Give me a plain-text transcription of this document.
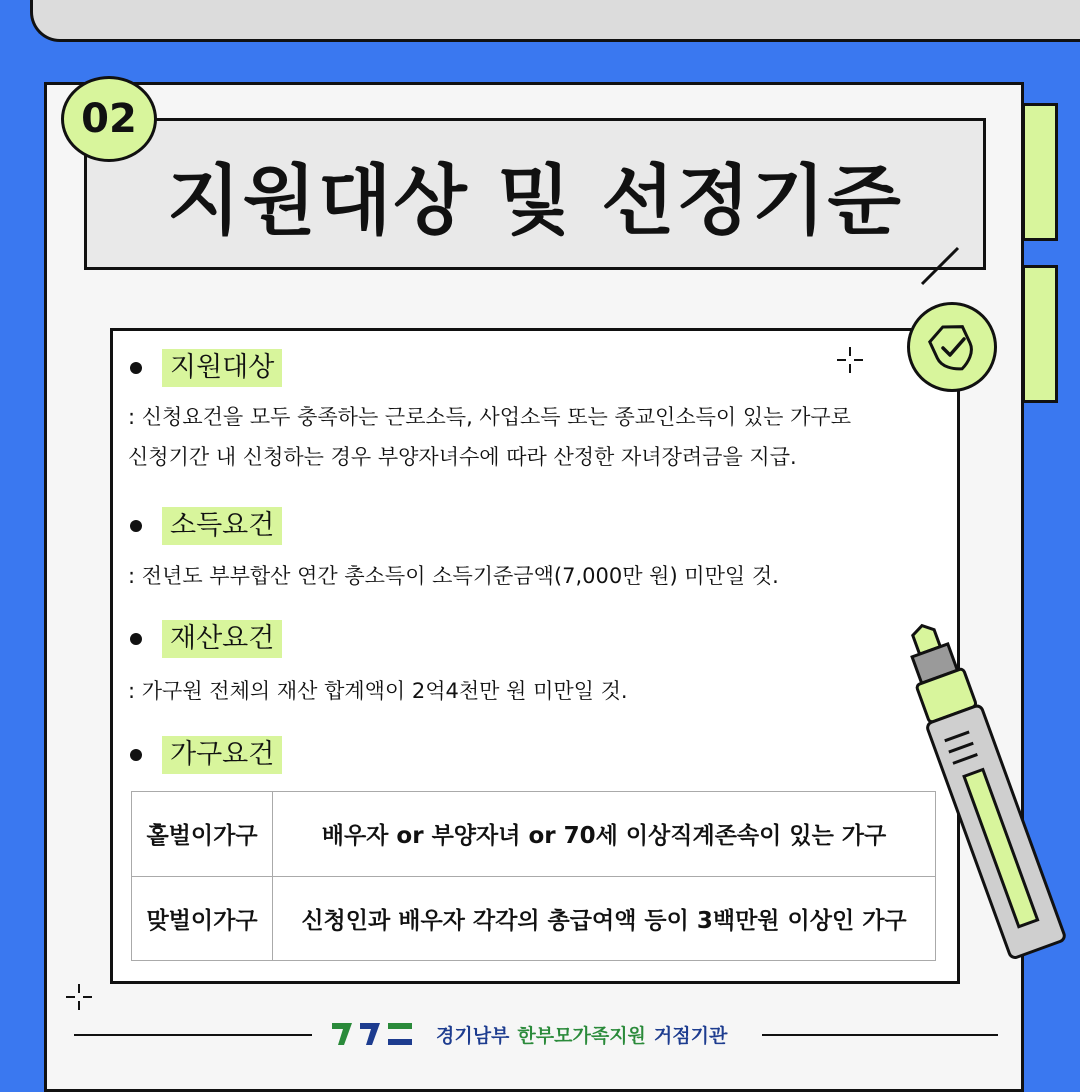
02
지원대상 및 선정기준
지원대상
: 신청요건을 모두 충족하는 근로소득, 사업소득 또는 종교인소득이 있는 가구로
신청기간 내 신청하는 경우 부양자녀수에 따라 산정한 자녀장려금을 지급.
소득요건
: 전년도 부부합산 연간 총소득이 소득기준금액(7,000만 원) 미만일 것.
재산요건
: 가구원 전체의 재산 합계액이 2억4천만 원 미만일 것.
가구요건
홑벌이가구	배우자 or 부양자녀 or 70세 이상직계존속이 있는 가구
맞벌이가구	신청인과 배우자 각각의 총급여액 등이 3백만원 이상인 가구
경기남부 한부모가족지원 거점기관
